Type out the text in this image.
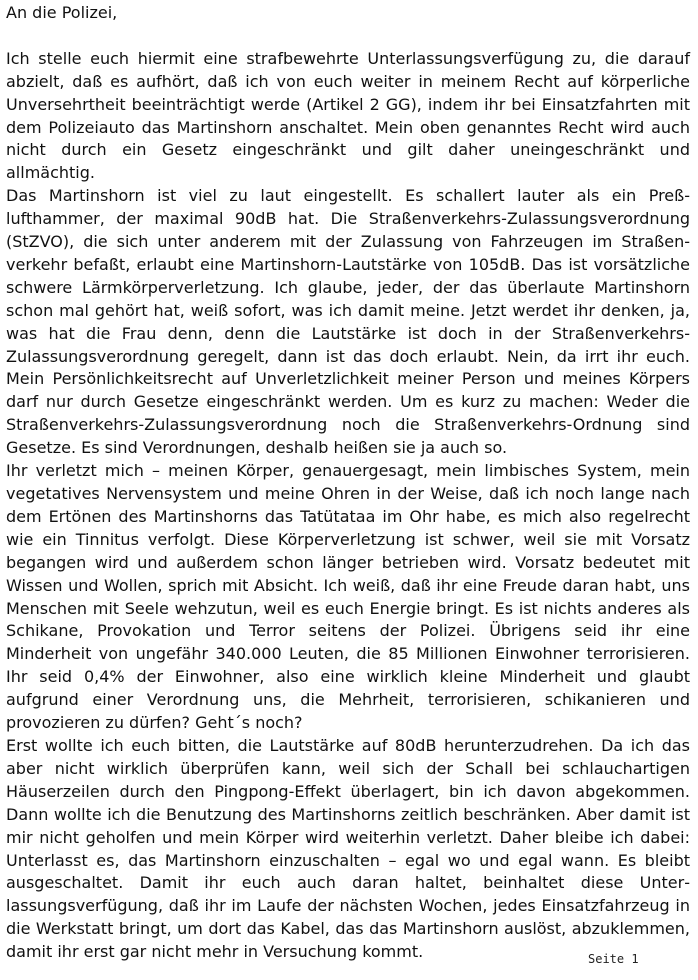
An die Polizei,

Ich stelle euch hiermit eine strafbewehrte Unterlassungsverfügung zu, die darauf abzielt, daß es aufhört, daß ich von euch weiter in meinem Recht auf körperliche Unversehrtheit beeinträchtigt werde (Artikel 2 GG), indem ihr bei Einsatzfahrten mit dem Polizeiauto das Martinshorn anschaltet. Mein oben genanntes Recht wird auch nicht durch ein Gesetz eingeschränkt und gilt daher uneingeschränkt und allmächtig.

Das Martinshorn ist viel zu laut eingestellt. Es schallert lauter als ein Preßlufthammer, der maximal 90dB hat. Die Straßenverkehrs-Zulassungsverordnung (StZVO), die sich unter anderem mit der Zulassung von Fahrzeugen im Straßenverkehr befaßt, erlaubt eine Martinshorn-Lautstärke von 105dB. Das ist vorsätzliche schwere Lärmkörperverletzung. Ich glaube, jeder, der das überlaute Martinshorn schon mal gehört hat, weiß sofort, was ich damit meine. Jetzt werdet ihr denken, ja, was hat die Frau denn, denn die Lautstärke ist doch in der Straßenverkehrs-Zulassungsverordnung geregelt, dann ist das doch erlaubt. Nein, da irrt ihr euch. Mein Persönlichkeitsrecht auf Unverletzlichkeit meiner Person und meines Körpers darf nur durch Gesetze eingeschränkt werden. Um es kurz zu machen: Weder die Straßenverkehrs-Zulassungsverordnung noch die Straßenverkehrs-Ordnung sind Gesetze. Es sind Verordnungen, deshalb heißen sie ja auch so.

Ihr verletzt mich – meinen Körper, genauergesagt, mein limbisches System, mein vegetatives Nervensystem und meine Ohren in der Weise, daß ich noch lange nach dem Ertönen des Martinshorns das Tatütataa im Ohr habe, es mich also regelrecht wie ein Tinnitus verfolgt. Diese Körperverletzung ist schwer, weil sie mit Vorsatz begangen wird und außerdem schon länger betrieben wird. Vorsatz bedeutet mit Wissen und Wollen, sprich mit Absicht. Ich weiß, daß ihr eine Freude daran habt, uns Menschen mit Seele wehzutun, weil es euch Energie bringt. Es ist nichts anderes als Schikane, Provokation und Terror seitens der Polizei. Übrigens seid ihr eine Minderheit von ungefähr 340.000 Leuten, die 85 Millionen Einwohner terrorisieren. Ihr seid 0,4% der Einwohner, also eine wirklich kleine Minderheit und glaubt aufgrund einer Verordnung uns, die Mehrheit, terrorisieren, schikanieren und provozieren zu dürfen? Geht´s noch?

Erst wollte ich euch bitten, die Lautstärke auf 80dB herunterzudrehen. Da ich das aber nicht wirklich überprüfen kann, weil sich der Schall bei schlauchartigen Häuserzeilen durch den Pingpong-Effekt überlagert, bin ich davon abgekommen. Dann wollte ich die Benutzung des Martinshorns zeitlich beschränken. Aber damit ist mir nicht geholfen und mein Körper wird weiterhin verletzt. Daher bleibe ich dabei: Unterlasst es, das Martinshorn einzuschalten – egal wo und egal wann. Es bleibt ausgeschaltet. Damit ihr euch auch daran haltet, beinhaltet diese Unterlassungsverfügung, daß ihr im Laufe der nächsten Wochen, jedes Einsatzfahrzeug in die Werkstatt bringt, um dort das Kabel, das das Martinshorn auslöst, abzuklemmen, damit ihr erst gar nicht mehr in Versuchung kommt.	Seite 1
